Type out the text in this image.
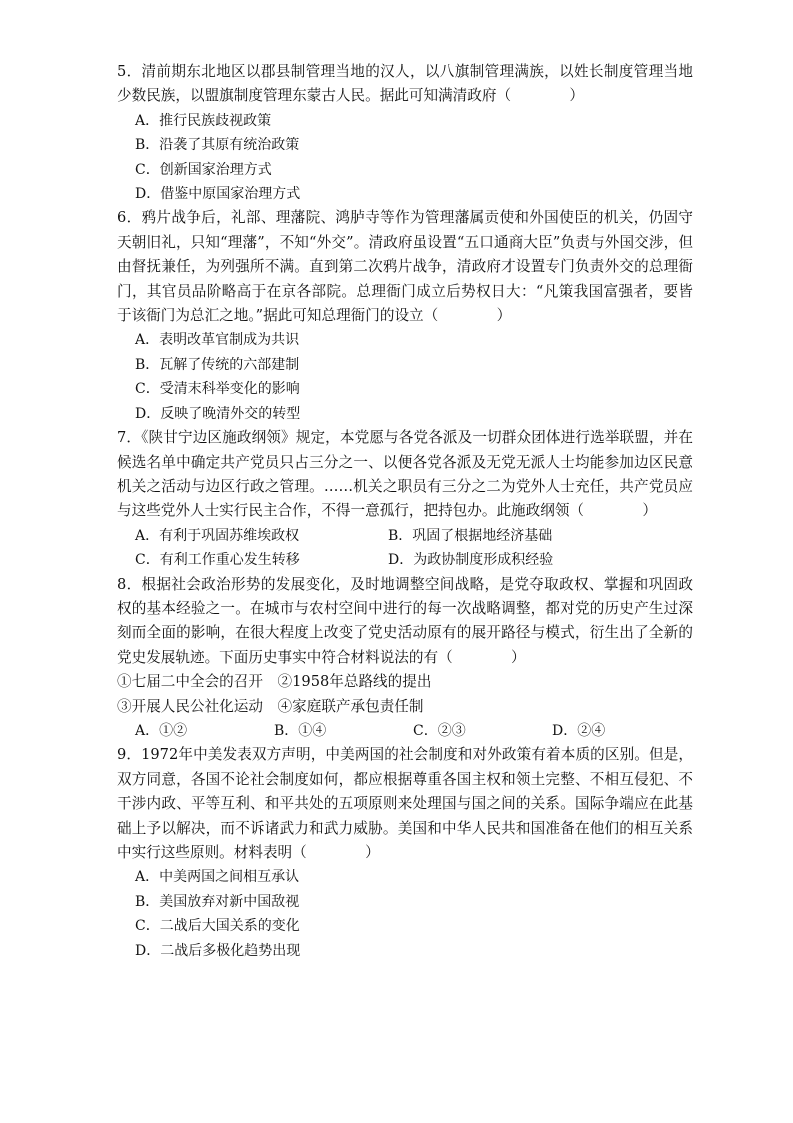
5．清前期东北地区以郡县制管理当地的汉人，以八旗制管理满族，以姓长制度管理当地少数民族，以盟旗制度管理东蒙古人民。据此可知满清政府（　　　　）

A．推行民族歧视政策

B．沿袭了其原有统治政策

C．创新国家治理方式

D．借鉴中原国家治理方式

6．鸦片战争后，礼部、理藩院、鸿胪寺等作为管理藩属贡使和外国使臣的机关，仍固守天朝旧礼，只知“理藩”，不知“外交”。清政府虽设置“五口通商大臣”负责与外国交涉，但由督抚兼任，为列强所不满。直到第二次鸦片战争，清政府才设置专门负责外交的总理衙门，其官员品阶略高于在京各部院。总理衙门成立后势权日大：“凡策我国富强者，要皆于该衙门为总汇之地。”据此可知总理衙门的设立（　　　　）

A．表明改革官制成为共识

B．瓦解了传统的六部建制

C．受清末科举变化的影响

D．反映了晚清外交的转型

7．《陕甘宁边区施政纲领》规定，本党愿与各党各派及一切群众团体进行选举联盟，并在候选名单中确定共产党员只占三分之一、以便各党各派及无党无派人士均能参加边区民意机关之活动与边区行政之管理。……机关之职员有三分之二为党外人士充任，共产党员应与这些党外人士实行民主合作，不得一意孤行，把持包办。此施政纲领（　　　　）

A．有利于巩固苏维埃政权	B．巩固了根据地经济基础
C．有利工作重心发生转移	D．为政协制度形成积经验

8．根据社会政治形势的发展变化，及时地调整空间战略，是党夺取政权、掌握和巩固政权的基本经验之一。在城市与农村空间中进行的每一次战略调整，都对党的历史产生过深刻而全面的影响，在很大程度上改变了党史活动原有的展开路径与模式，衍生出了全新的党史发展轨迹。下面历史事实中符合材料说法的有（　　　　）

①七届二中全会的召开　②1958年总路线的提出

③开展人民公社化运动　④家庭联产承包责任制

A．①②	B．①④	C．②③	D．②④

9．1972年中美发表双方声明，中美两国的社会制度和对外政策有着本质的区别。但是，双方同意，各国不论社会制度如何，都应根据尊重各国主权和领土完整、不相互侵犯、不干涉内政、平等互利、和平共处的五项原则来处理国与国之间的关系。国际争端应在此基础上予以解决，而不诉诸武力和武力威胁。美国和中华人民共和国准备在他们的相互关系中实行这些原则。材料表明（　　　　）

A．中美两国之间相互承认

B．美国放弃对新中国敌视

C．二战后大国关系的变化

D．二战后多极化趋势出现
